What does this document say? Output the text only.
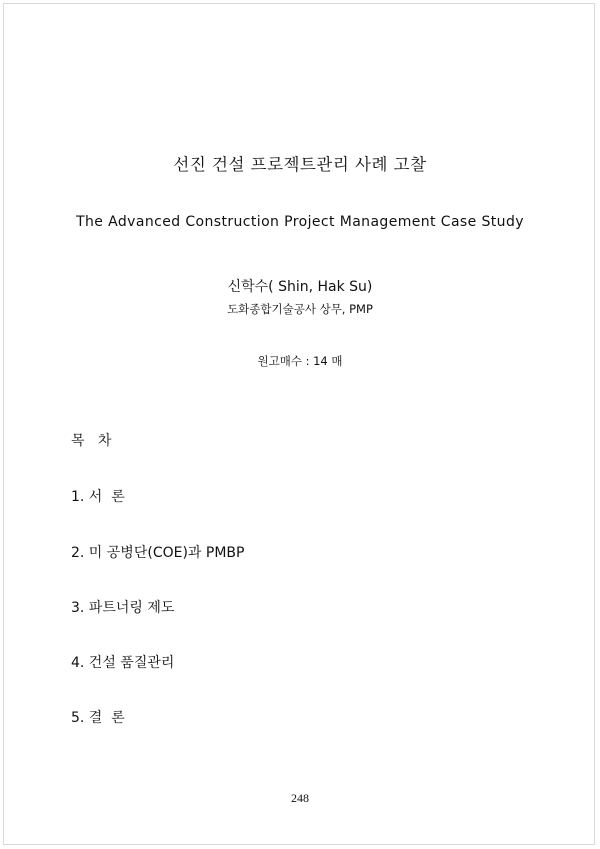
선진 건설 프로젝트관리 사례 고찰
The Advanced Construction Project Management Case Study
신학수( Shin, Hak Su)
도화종합기술공사 상무, PMP
원고매수 : 14 매
목   차
1. 서  론
2. 미 공병단(COE)과 PMBP
3. 파트너링 제도
4. 건설 품질관리
5. 결  론
248
